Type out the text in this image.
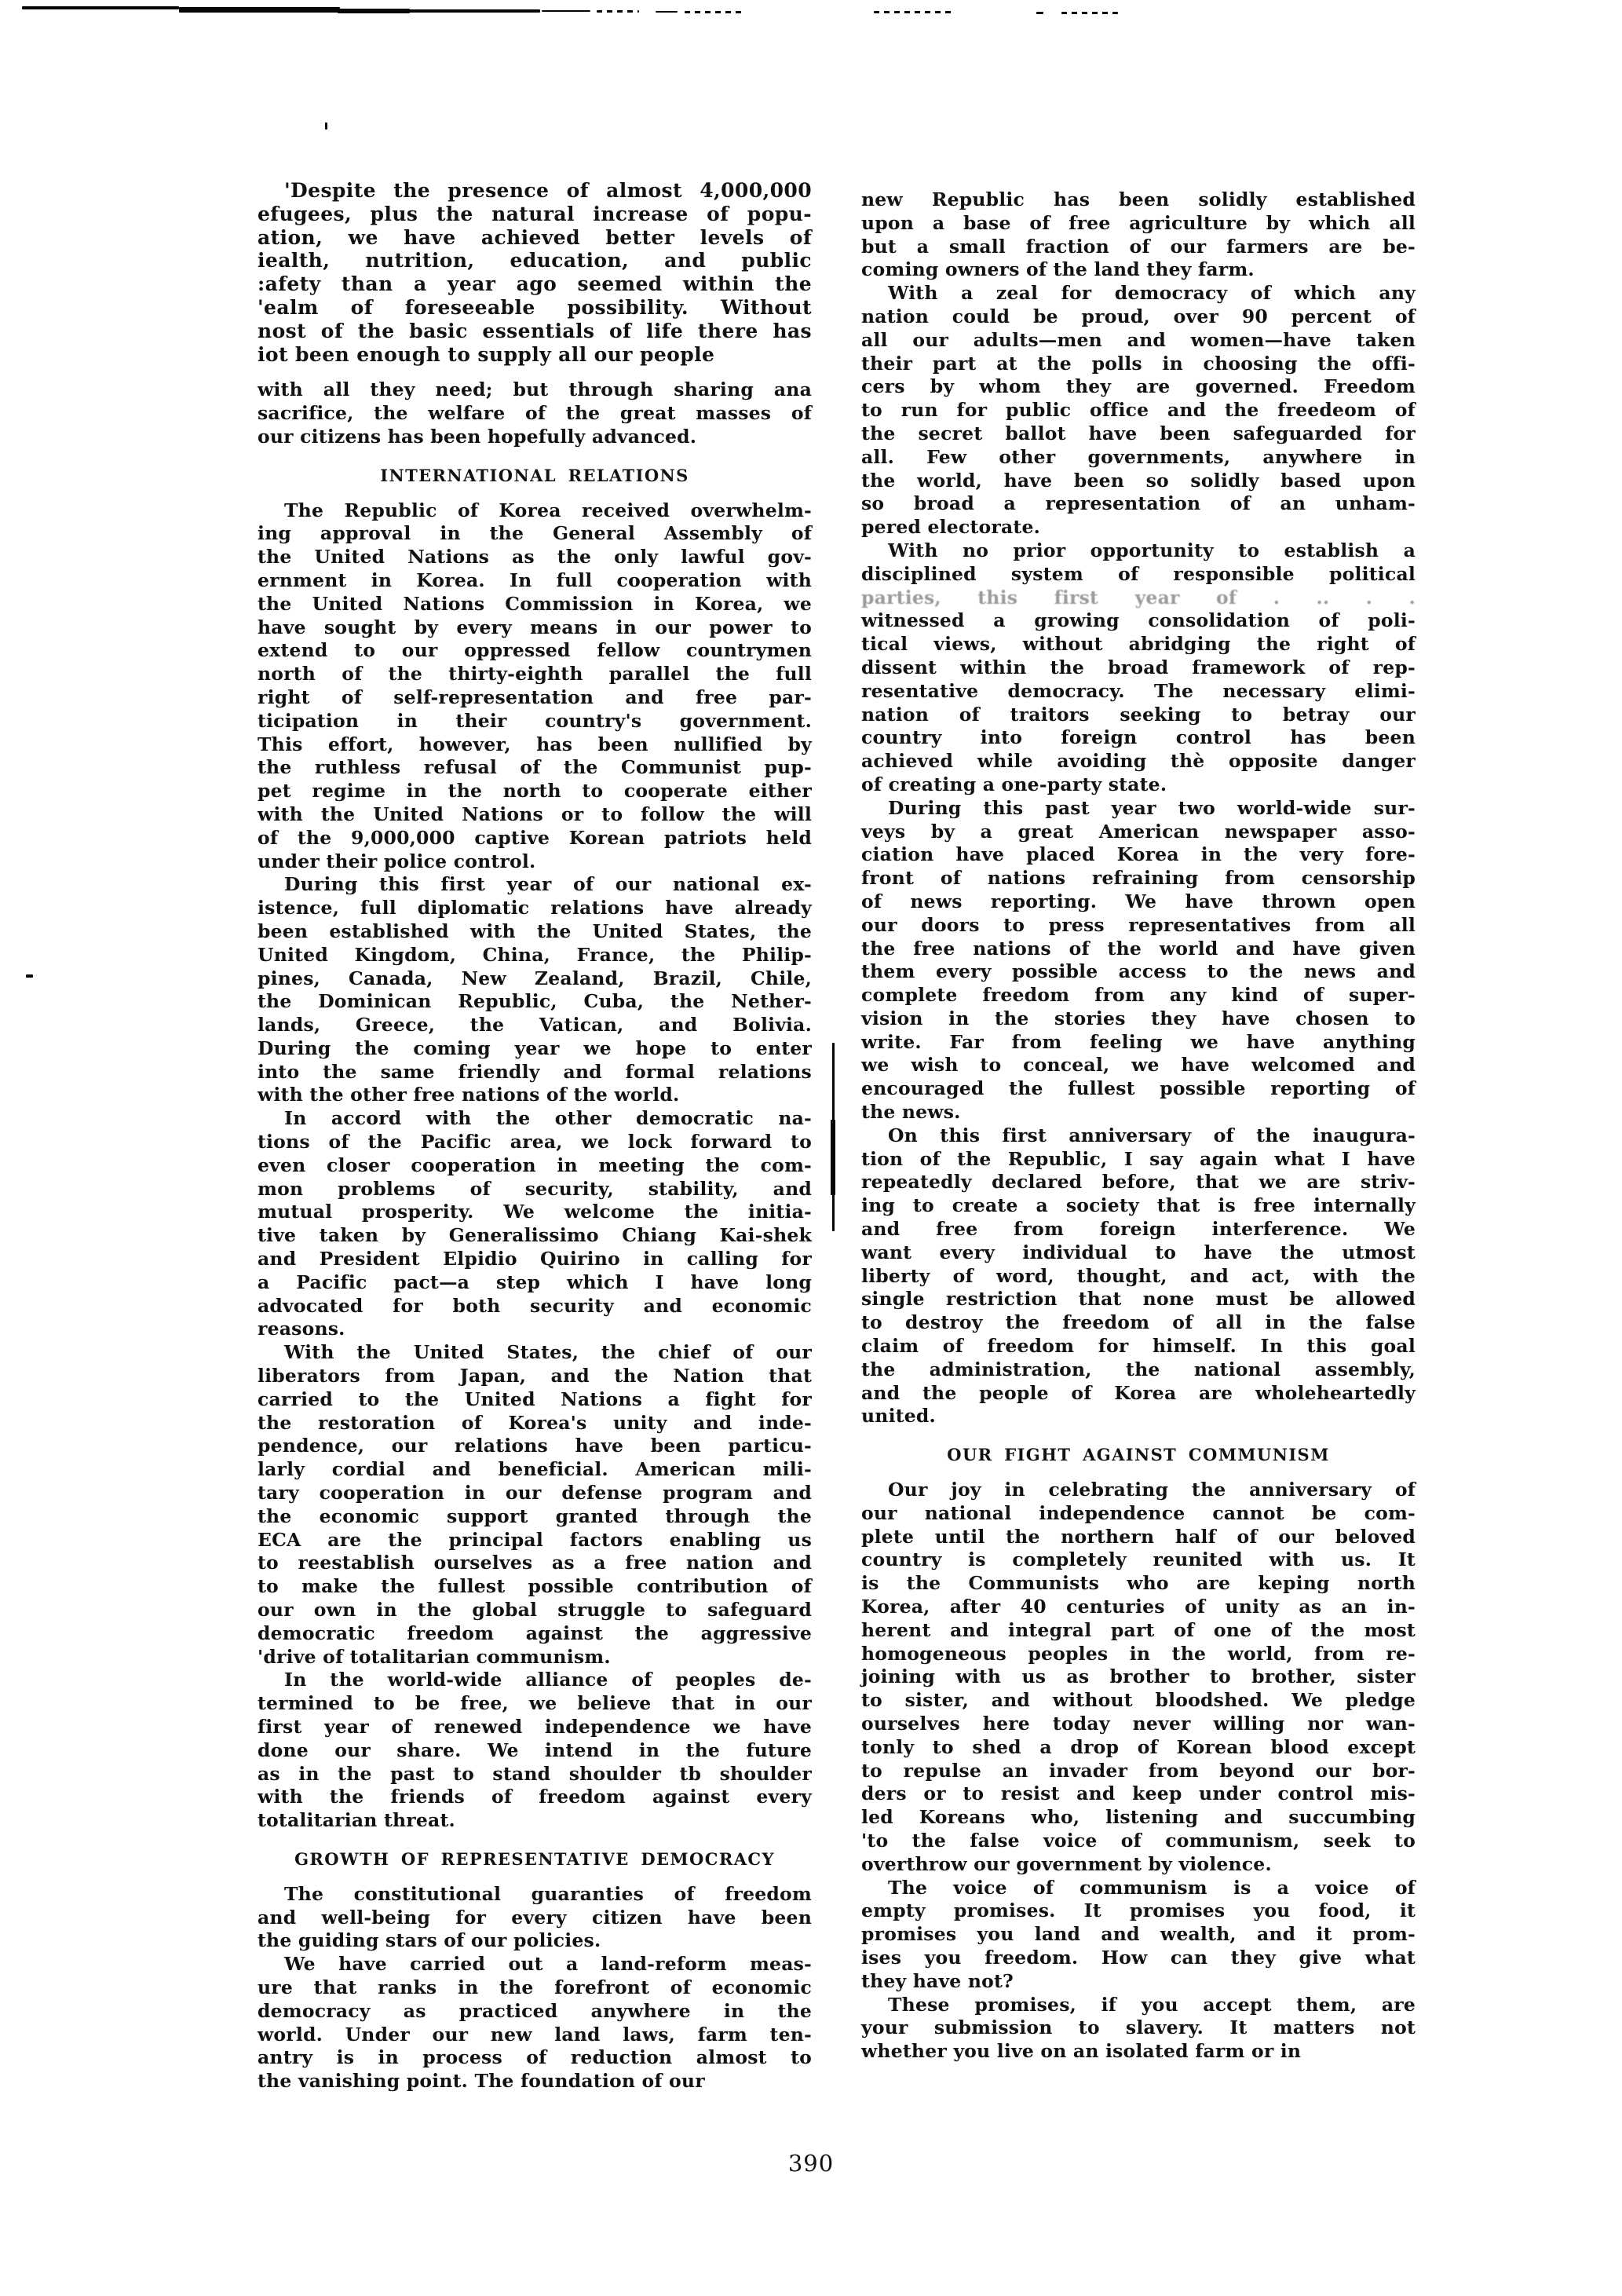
'Despite the presence of almost 4,000,000
efugees, plus the natural increase of popu-
ation, we have achieved better levels of
iealth, nutrition, education, and public
:afety than a year ago seemed within the
'ealm of foreseeable possibility. Without
nost of the basic essentials of life there has
iot been enough to supply all our people
with all they need; but through sharing ana
sacrifice, the welfare of the great masses of
our citizens has been hopefully advanced.
INTERNATIONAL RELATIONS
The Republic of Korea received overwhelm-
ing approval in the General Assembly of
the United Nations as the only lawful gov-
ernment in Korea. In full cooperation with
the United Nations Commission in Korea, we
have sought by every means in our power to
extend to our oppressed fellow countrymen
north of the thirty-eighth parallel the full
right of self-representation and free par-
ticipation in their country's government.
This effort, however, has been nullified by
the ruthless refusal of the Communist pup-
pet regime in the north to cooperate either
with the United Nations or to follow the will
of the 9,000,000 captive Korean patriots held
under their police control.
During this first year of our national ex-
istence, full diplomatic relations have already
been established with the United States, the
United Kingdom, China, France, the Philip-
pines, Canada, New Zealand, Brazil, Chile,
the Dominican Republic, Cuba, the Nether-
lands, Greece, the Vatican, and Bolivia.
During the coming year we hope to enter
into the same friendly and formal relations
with the other free nations of the world.
In accord with the other democratic na-
tions of the Pacific area, we lock forward to
even closer cooperation in meeting the com-
mon problems of security, stability, and
mutual prosperity. We welcome the initia-
tive taken by Generalissimo Chiang Kai-shek
and President Elpidio Quirino in calling for
a Pacific pact—a step which I have long
advocated for both security and economic
reasons.
With the United States, the chief of our
liberators from Japan, and the Nation that
carried to the United Nations a fight for
the restoration of Korea's unity and inde-
pendence, our relations have been particu-
larly cordial and beneficial. American mili-
tary cooperation in our defense program and
the economic support granted through the
ECA are the principal factors enabling us
to reestablish ourselves as a free nation and
to make the fullest possible contribution of
our own in the global struggle to safeguard
democratic freedom against the aggressive
'drive of totalitarian communism.
In the world-wide alliance of peoples de-
termined to be free, we believe that in our
first year of renewed independence we have
done our share. We intend in the future
as in the past to stand shoulder tb shoulder
with the friends of freedom against every
totalitarian threat.
GROWTH OF REPRESENTATIVE DEMOCRACY
The constitutional guaranties of freedom
and well-being for every citizen have been
the guiding stars of our policies.
We have carried out a land-reform meas-
ure that ranks in the forefront of economic
democracy as practiced anywhere in the
world. Under our new land laws, farm ten-
antry is in process of reduction almost to
the vanishing point. The foundation of our
new Republic has been solidly established
upon a base of free agriculture by which all
but a small fraction of our farmers are be-
coming owners of the land they farm.
With a zeal for democracy of which any
nation could be proud, over 90 percent of
all our adults—men and women—have taken
their part at the polls in choosing the offi-
cers by whom they are governed. Freedom
to run for public office and the freedeom of
the secret ballot have been safeguarded for
all. Few other governments, anywhere in
the world, have been so solidly based upon
so broad a representation of an unham-
pered electorate.
With no prior opportunity to establish a
disciplined system of responsible political
parties, this first year of . .. . .
witnessed a growing consolidation of poli-
tical views, without abridging the right of
dissent within the broad framework of rep-
resentative democracy. The necessary elimi-
nation of traitors seeking to betray our
country into foreign control has been
achieved while avoiding thè opposite danger
of creating a one-party state.
During this past year two world-wide sur-
veys by a great American newspaper asso-
ciation have placed Korea in the very fore-
front of nations refraining from censorship
of news reporting. We have thrown open
our doors to press representatives from all
the free nations of the world and have given
them every possible access to the news and
complete freedom from any kind of super-
vision in the stories they have chosen to
write. Far from feeling we have anything
we wish to conceal, we have welcomed and
encouraged the fullest possible reporting of
the news.
On this first anniversary of the inaugura-
tion of the Republic, I say again what I have
repeatedly declared before, that we are striv-
ing to create a society that is free internally
and free from foreign interference. We
want every individual to have the utmost
liberty of word, thought, and act, with the
single restriction that none must be allowed
to destroy the freedom of all in the false
claim of freedom for himself. In this goal
the administration, the national assembly,
and the people of Korea are wholeheartedly
united.
OUR FIGHT AGAINST COMMUNISM
Our joy in celebrating the anniversary of
our national independence cannot be com-
plete until the northern half of our beloved
country is completely reunited with us. It
is the Communists who are keping north
Korea, after 40 centuries of unity as an in-
herent and integral part of one of the most
homogeneous peoples in the world, from re-
joining with us as brother to brother, sister
to sister, and without bloodshed. We pledge
ourselves here today never willing nor wan-
tonly to shed a drop of Korean blood except
to repulse an invader from beyond our bor-
ders or to resist and keep under control mis-
led Koreans who, listening and succumbing
'to the false voice of communism, seek to
overthrow our government by violence.
The voice of communism is a voice of
empty promises. It promises you food, it
promises you land and wealth, and it prom-
ises you freedom. How can they give what
they have not?
These promises, if you accept them, are
your submission to slavery. It matters not
whether you live on an isolated farm or in
390
